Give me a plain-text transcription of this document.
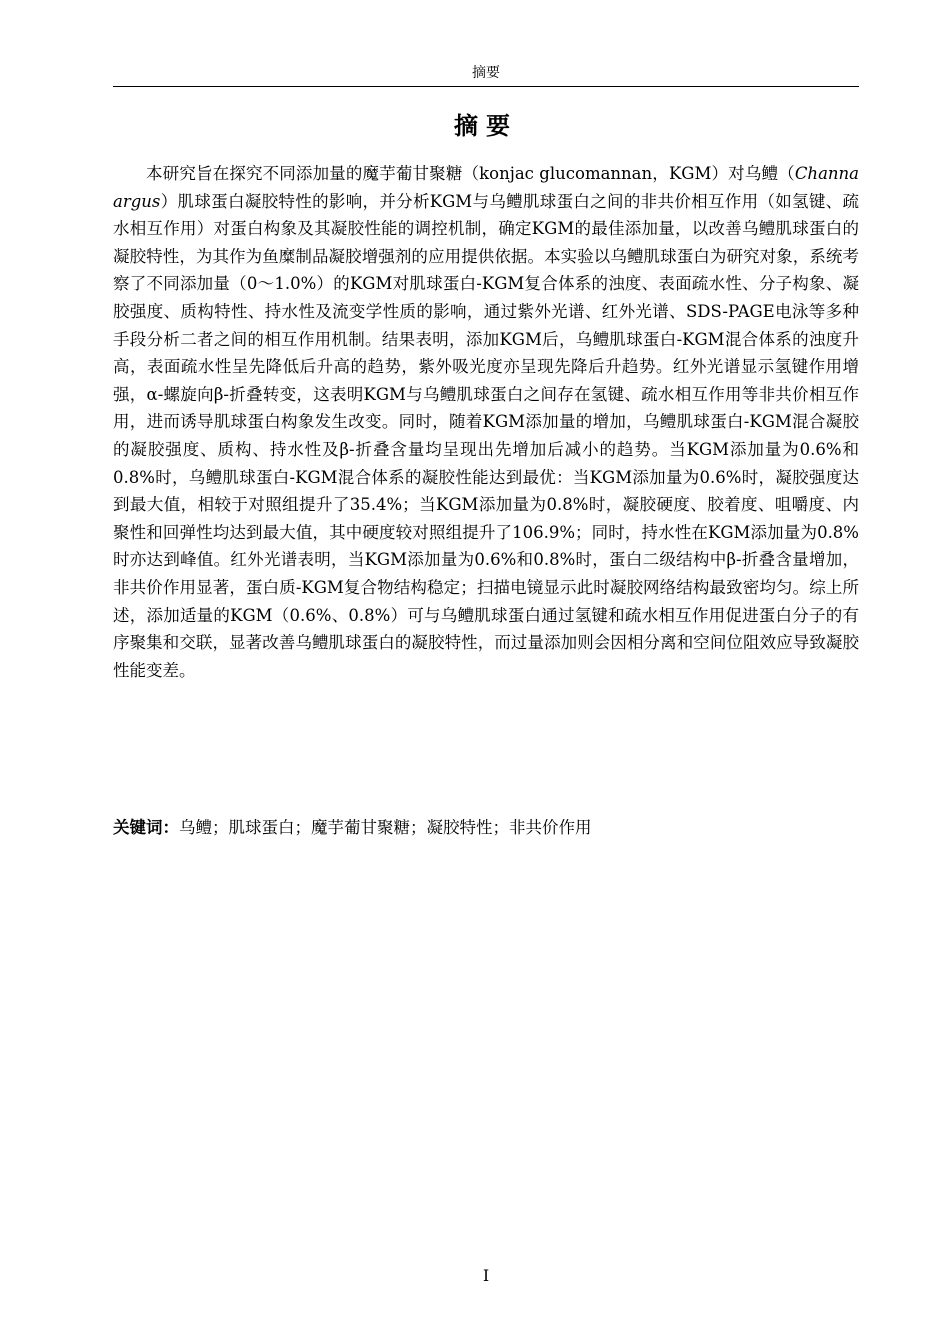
摘要
摘要

本研究旨在探究不同添加量的魔芋葡甘聚糖（konjac glucomannan，KGM）对乌鳢（Channa argus）肌球蛋白凝胶特性的影响，并分析KGM与乌鳢肌球蛋白之间的非共价相互作用（如氢键、疏水相互作用）对蛋白构象及其凝胶性能的调控机制，确定KGM的最佳添加量，以改善乌鳢肌球蛋白的凝胶特性，为其作为鱼糜制品凝胶增强剂的应用提供依据。本实验以乌鳢肌球蛋白为研究对象，系统考察了不同添加量（0～1.0%）的KGM对肌球蛋白-KGM复合体系的浊度、表面疏水性、分子构象、凝胶强度、质构特性、持水性及流变学性质的影响，通过紫外光谱、红外光谱、SDS-PAGE电泳等多种手段分析二者之间的相互作用机制。结果表明，添加KGM后，乌鳢肌球蛋白-KGM混合体系的浊度升高，表面疏水性呈先降低后升高的趋势，紫外吸光度亦呈现先降后升趋势。红外光谱显示氢键作用增强，α-螺旋向β-折叠转变，这表明KGM与乌鳢肌球蛋白之间存在氢键、疏水相互作用等非共价相互作用，进而诱导肌球蛋白构象发生改变。同时，随着KGM添加量的增加，乌鳢肌球蛋白-KGM混合凝胶的凝胶强度、质构、持水性及β-折叠含量均呈现出先增加后减小的趋势。当KGM添加量为0.6%和0.8%时，乌鳢肌球蛋白-KGM混合体系的凝胶性能达到最优：当KGM添加量为0.6%时，凝胶强度达到最大值，相较于对照组提升了35.4%；当KGM添加量为0.8%时，凝胶硬度、胶着度、咀嚼度、内聚性和回弹性均达到最大值，其中硬度较对照组提升了106.9%；同时，持水性在KGM添加量为0.8%时亦达到峰值。红外光谱表明，当KGM添加量为0.6%和0.8%时，蛋白二级结构中β-折叠含量增加，非共价作用显著，蛋白质-KGM复合物结构稳定；扫描电镜显示此时凝胶网络结构最致密均匀。综上所述，添加适量的KGM（0.6%、0.8%）可与乌鳢肌球蛋白通过氢键和疏水相互作用促进蛋白分子的有序聚集和交联，显著改善乌鳢肌球蛋白的凝胶特性，而过量添加则会因相分离和空间位阻效应导致凝胶性能变差。

关键词：乌鳢；肌球蛋白；魔芋葡甘聚糖；凝胶特性；非共价作用
I
